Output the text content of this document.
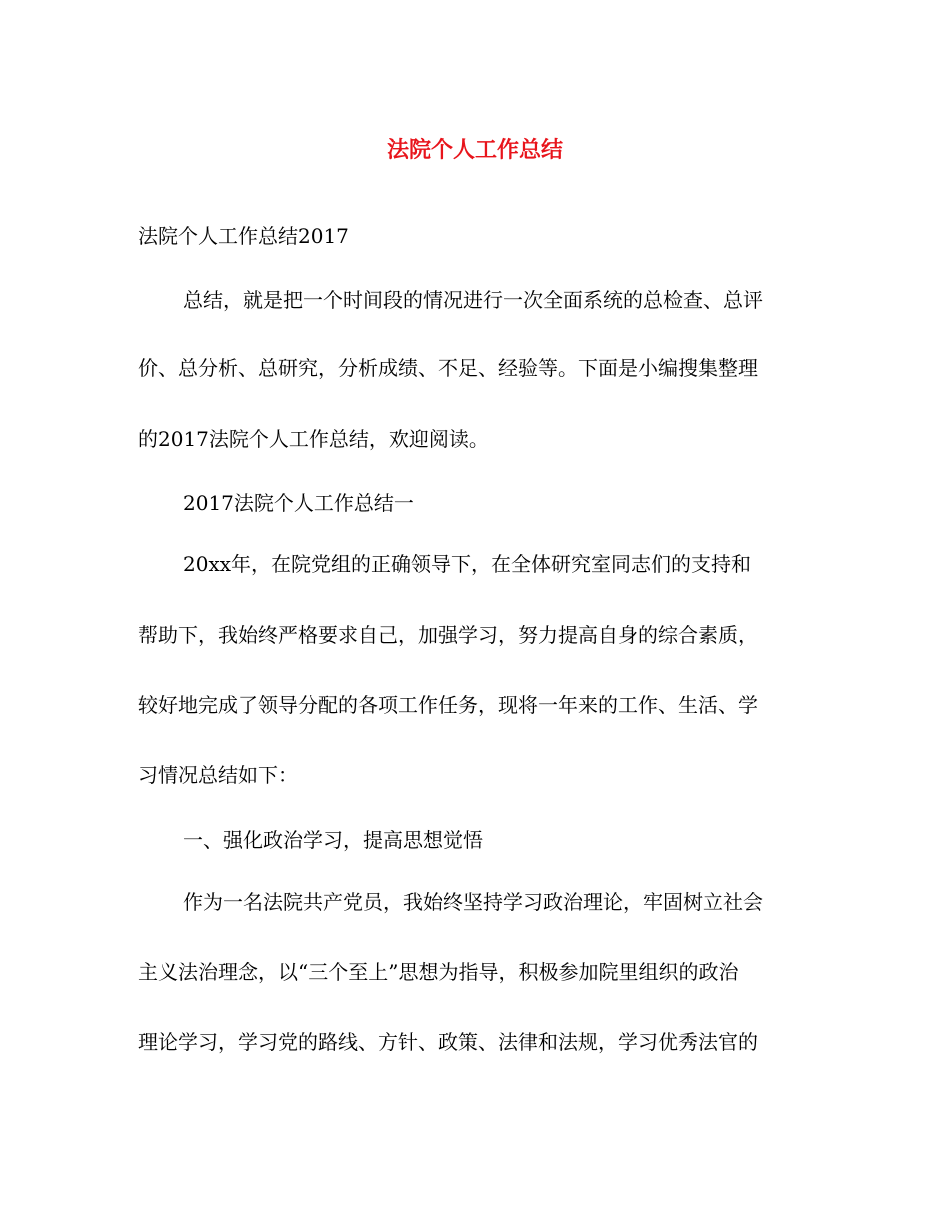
法院个人工作总结
法院个人工作总结2017
总结，就是把一个时间段的情况进行一次全面系统的总检查、总评
价、总分析、总研究，分析成绩、不足、经验等。下面是小编搜集整理
的2017法院个人工作总结，欢迎阅读。
2017法院个人工作总结一
20xx年，在院党组的正确领导下，在全体研究室同志们的支持和
帮助下，我始终严格要求自己，加强学习，努力提高自身的综合素质，
较好地完成了领导分配的各项工作任务，现将一年来的工作、生活、学
习情况总结如下：
一、强化政治学习，提高思想觉悟
作为一名法院共产党员，我始终坚持学习政治理论，牢固树立社会
主义法治理念，以“三个至上”思想为指导，积极参加院里组织的政治
理论学习，学习党的路线、方针、政策、法律和法规，学习优秀法官的
